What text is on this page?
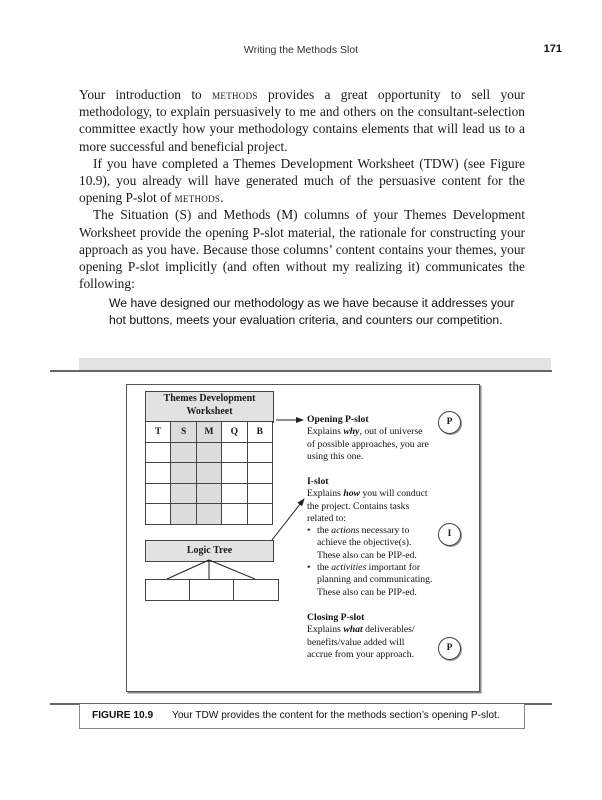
Writing the Methods Slot	171

Your introduction to methods provides a great opportunity to sell your methodology, to explain persuasively to me and others on the consultant-selection committee exactly how your methodology contains elements that will lead us to a more successful and beneficial project.

If you have completed a Themes Development Worksheet (TDW) (see Figure 10.9), you already will have generated much of the persuasive content for the opening P-slot of methods.

The Situation (S) and Methods (M) columns of your Themes Development Worksheet provide the opening P-slot material, the rationale for constructing your approach as you have. Because those columns’ content contains your themes, your opening P-slot implicitly (and often without my realizing it) communicates the following:

We have designed our methodology as we have because it addresses your hot buttons, meets your evaluation criteria, and counters our competition.
Themes Development
Worksheet
T	S	M	Q	B

Logic Tree
Opening P-slot
Explains why, out of universe
of possible approaches, you are
using this one.
P
I-slot
Explains how you will conduct
the project. Contains tasks
related to:
• the actions necessary to
achieve the objective(s).
These also can be PIP-ed.
• the activities important for
planning and communicating.
These also can be PIP-ed.
I
Closing P-slot
Explains what deliverables/
benefits/value added will
accrue from your approach.
P
FIGURE 10.9 Your TDW provides the content for the methods section’s opening P-slot.
